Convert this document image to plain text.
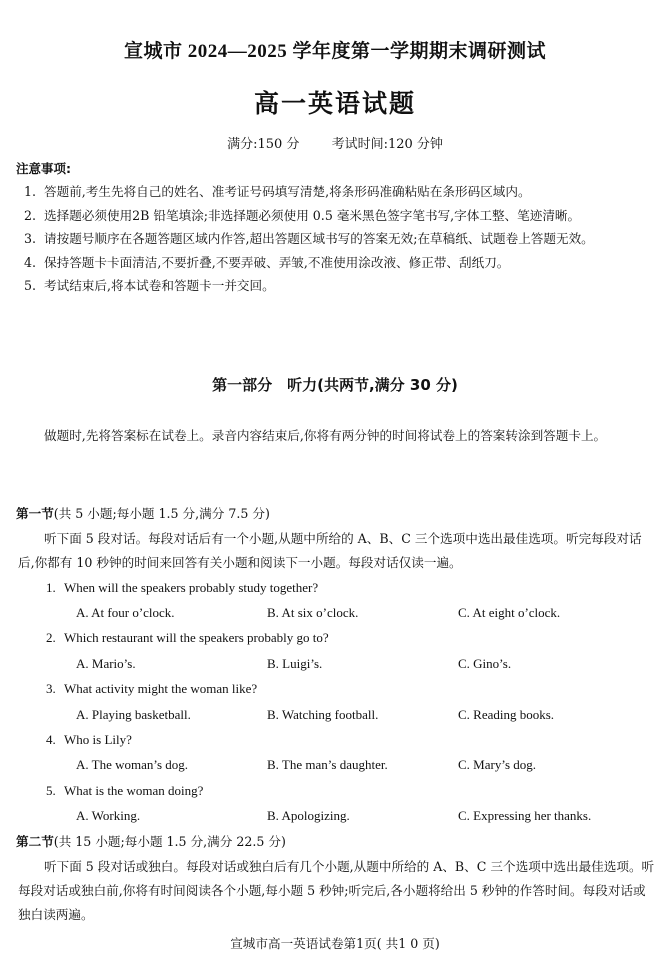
宣城市 2024—2025 学年度第一学期期末调研测试
高一英语试题
满分:150 分 考试时间:120 分钟
注意事项:
1. 答题前,考生先将自己的姓名、准考证号码填写清楚,将条形码准确粘贴在条形码区域内。
2. 选择题必须使用2B 铅笔填涂;非选择题必须使用 0.5 毫米黑色签字笔书写,字体工整、笔迹清晰。
3. 请按题号顺序在各题答题区域内作答,超出答题区域书写的答案无效;在草稿纸、试题卷上答题无效。
4. 保持答题卡卡面清洁,不要折叠,不要弄破、弄皱,不准使用涂改液、修正带、刮纸刀。
5. 考试结束后,将本试卷和答题卡一并交回。
第一部分　听力(共两节,满分 30 分)
做题时,先将答案标在试卷上。录音内容结束后,你将有两分钟的时间将试卷上的答案转涂到答题卡上。
第一节(共 5 小题;每小题 1.5 分,满分 7.5 分)
听下面 5 段对话。每段对话后有一个小题,从题中所给的 A、B、C 三个选项中选出最佳选项。听完每段对话后,你都有 10 秒钟的时间来回答有关小题和阅读下一小题。每段对话仅读一遍。
1. When will the speakers probably study together?
A. At four o’clock.	B. At six o’clock.	C. At eight o’clock.
2. Which restaurant will the speakers probably go to?
A. Mario’s.	B. Luigi’s.	C. Gino’s.
3. What activity might the woman like?
A. Playing basketball.	B. Watching football.	C. Reading books.
4. Who is Lily?
A. The woman’s dog.	B. The man’s daughter.	C. Mary’s dog.
5. What is the woman doing?
A. Working.	B. Apologizing.	C. Expressing her thanks.
第二节(共 15 小题;每小题 1.5 分,满分 22.5 分)
听下面 5 段对话或独白。每段对话或独白后有几个小题,从题中所给的 A、B、C 三个选项中选出最佳选项。听每段对话或独白前,你将有时间阅读各个小题,每小题 5 秒钟;听完后,各小题将给出 5 秒钟的作答时间。每段对话或独白读两遍。
宣城市高一英语试卷第1页( 共1 0 页)
